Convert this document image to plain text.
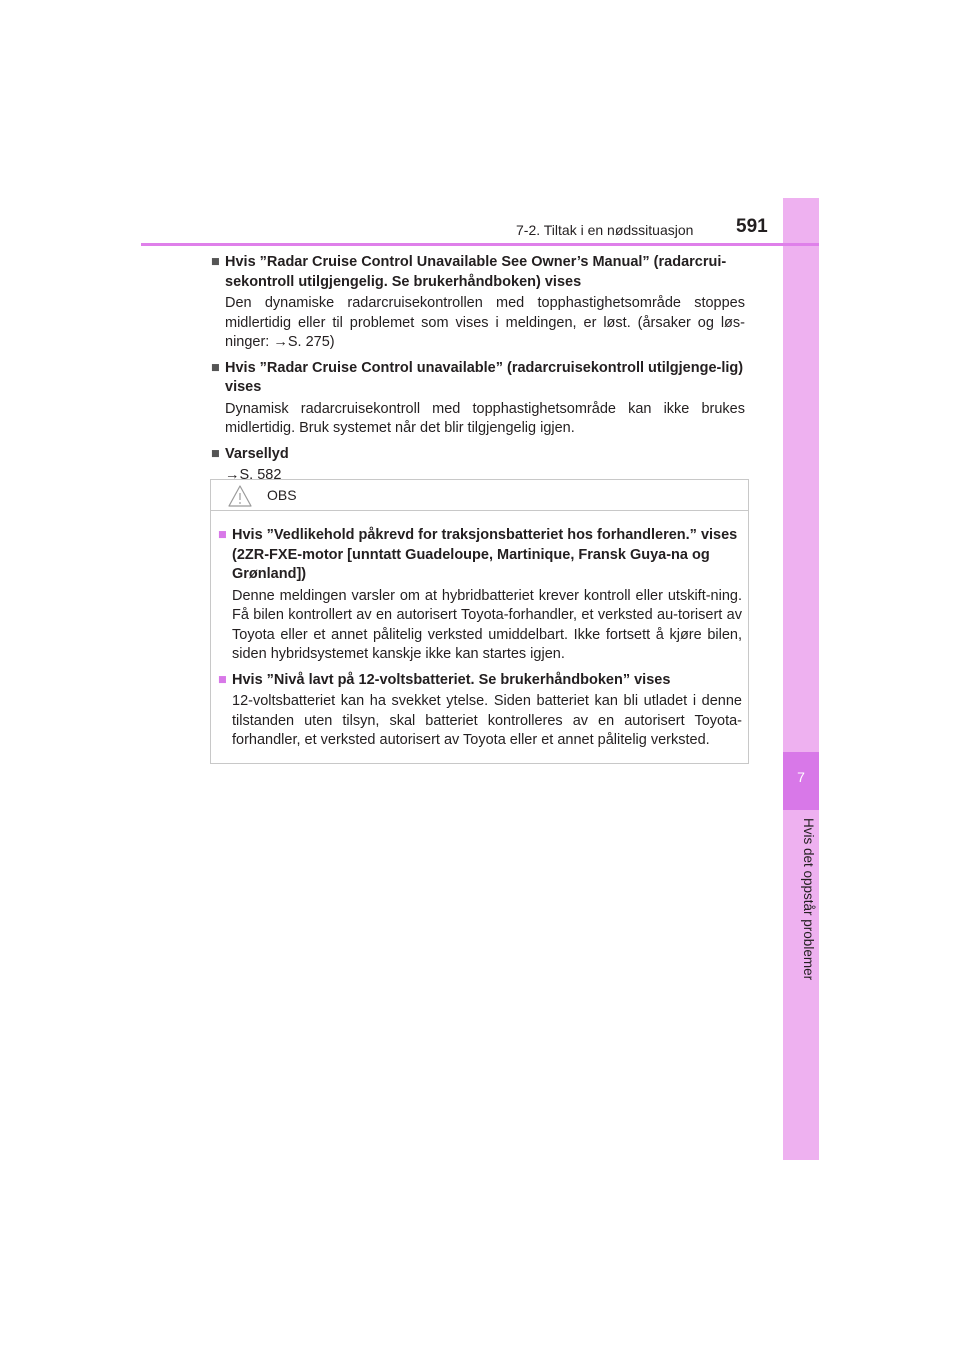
7
Hvis det oppstår problemer
7-2. Tiltak i en nødssituasjon 591
■ Hvis ”Radar Cruise Control Unavailable See Owner’s Manual” (radarcrui-sekontroll utilgjengelig. Se brukerhåndboken) vises
Den dynamiske radarcruisekontrollen med topphastighetsområde stoppes midlertidig eller til problemet som vises i meldingen, er løst. (årsaker og løs-ninger: →S. 275)
■ Hvis ”Radar Cruise Control unavailable” (radarcruisekontroll utilgjenge-lig) vises
Dynamisk radarcruisekontroll med topphastighetsområde kan ikke brukes midlertidig. Bruk systemet når det blir tilgjengelig igjen.
■ Varsellyd
→S. 582
OBS
■ Hvis ”Vedlikehold påkrevd for traksjonsbatteriet hos forhandleren.” vises (2ZR-FXE-motor [unntatt Guadeloupe, Martinique, Fransk Guya-na og Grønland])
Denne meldingen varsler om at hybridbatteriet krever kontroll eller utskift-ning. Få bilen kontrollert av en autorisert Toyota-forhandler, et verksted au-torisert av Toyota eller et annet pålitelig verksted umiddelbart. Ikke fortsett å kjøre bilen, siden hybridsystemet kanskje ikke kan startes igjen.
■ Hvis ”Nivå lavt på 12-voltsbatteriet. Se brukerhåndboken” vises
12-voltsbatteriet kan ha svekket ytelse. Siden batteriet kan bli utladet i denne tilstanden uten tilsyn, skal batteriet kontrolleres av en autorisert Toyota-forhandler, et verksted autorisert av Toyota eller et annet pålitelig verksted.
